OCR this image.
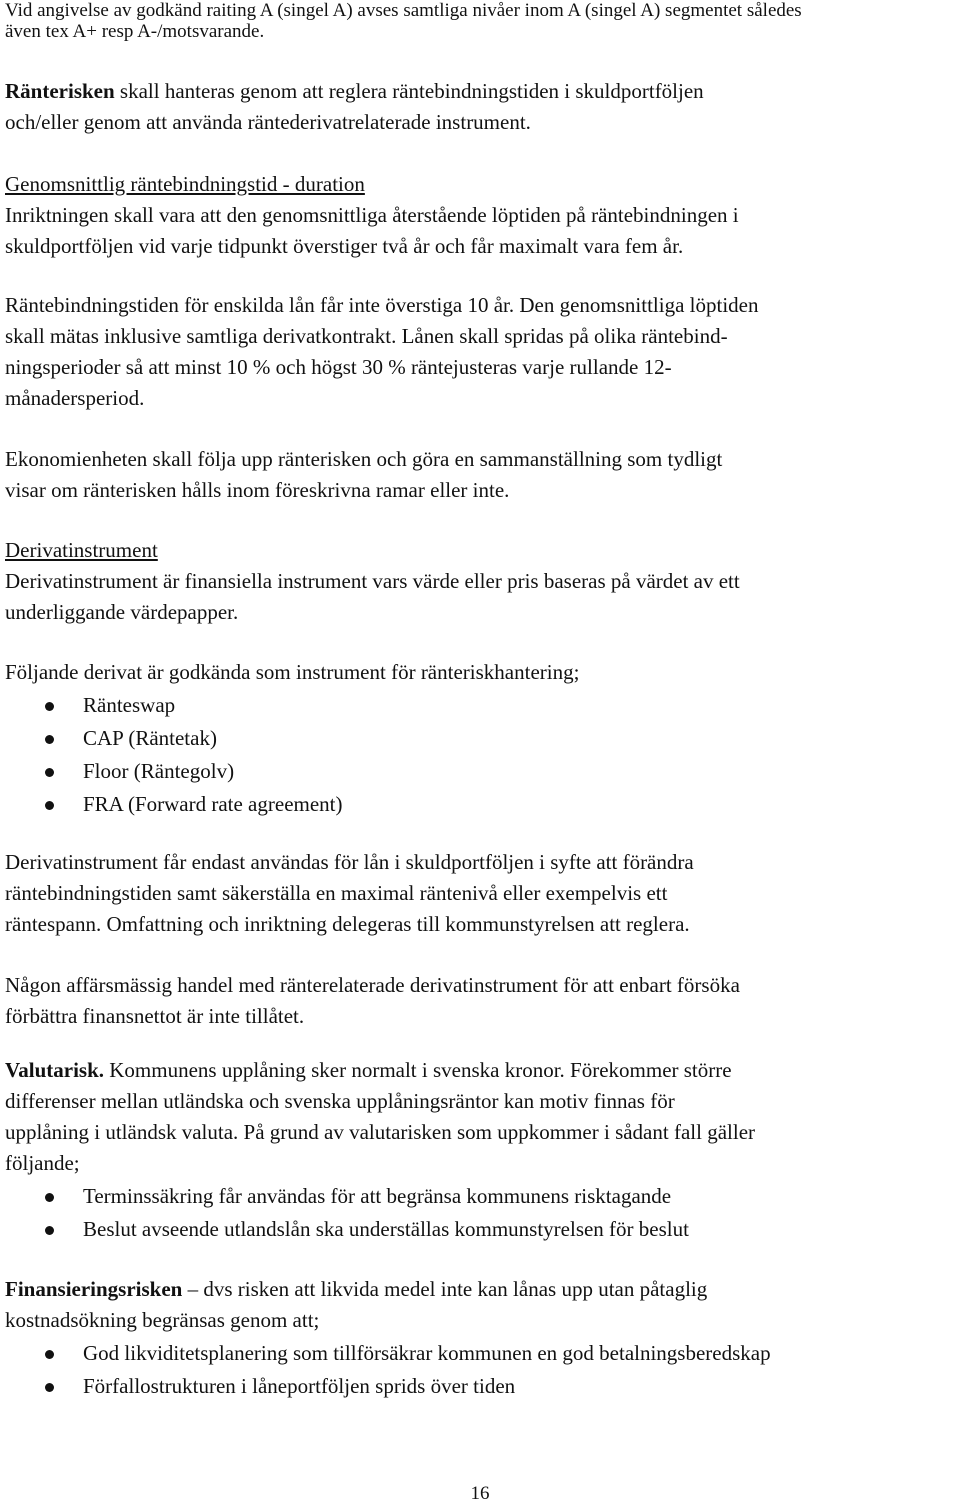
Vid angivelse av godkänd raiting A (singel A) avses samtliga nivåer inom A (singel A) segmentet således
även tex A+ resp A-/motsvarande.
Ränterisken skall hanteras genom att reglera räntebindningstiden i skuldportföljen
och/eller genom att använda räntederivatrelaterade instrument.
Genomsnittlig räntebindningstid - duration
Inriktningen skall vara att den genomsnittliga återstående löptiden på räntebindningen i
skuldportföljen vid varje tidpunkt överstiger två år och får maximalt vara fem år.
Räntebindningstiden för enskilda lån får inte överstiga 10 år. Den genomsnittliga löptiden
skall mätas inklusive samtliga derivatkontrakt. Lånen skall spridas på olika räntebind-
ningsperioder så att minst 10 % och högst 30 % räntejusteras varje rullande 12-
månadersperiod.
Ekonomienheten skall följa upp ränterisken och göra en sammanställning som tydligt
visar om ränterisken hålls inom föreskrivna ramar eller inte.
Derivatinstrument
Derivatinstrument är finansiella instrument vars värde eller pris baseras på värdet av ett
underliggande värdepapper.
Följande derivat är godkända som instrument för ränteriskhantering;
Ränteswap
CAP (Räntetak)
Floor (Räntegolv)
FRA (Forward rate agreement)
Derivatinstrument får endast användas för lån i skuldportföljen i syfte att förändra
räntebindningstiden samt säkerställa en maximal räntenivå eller exempelvis ett
räntespann. Omfattning och inriktning delegeras till kommunstyrelsen att reglera.
Någon affärsmässig handel med ränterelaterade derivatinstrument för att enbart försöka
förbättra finansnettot är inte tillåtet.
Valutarisk. Kommunens upplåning sker normalt i svenska kronor. Förekommer större
differenser mellan utländska och svenska upplåningsräntor kan motiv finnas för
upplåning i utländsk valuta. På grund av valutarisken som uppkommer i sådant fall gäller
följande;
Terminssäkring får användas för att begränsa kommunens risktagande
Beslut avseende utlandslån ska underställas kommunstyrelsen för beslut
Finansieringsrisken – dvs risken att likvida medel inte kan lånas upp utan påtaglig
kostnadsökning begränsas genom att;
God likviditetsplanering som tillförsäkrar kommunen en god betalningsberedskap
Förfallostrukturen i låneportföljen sprids över tiden
16
